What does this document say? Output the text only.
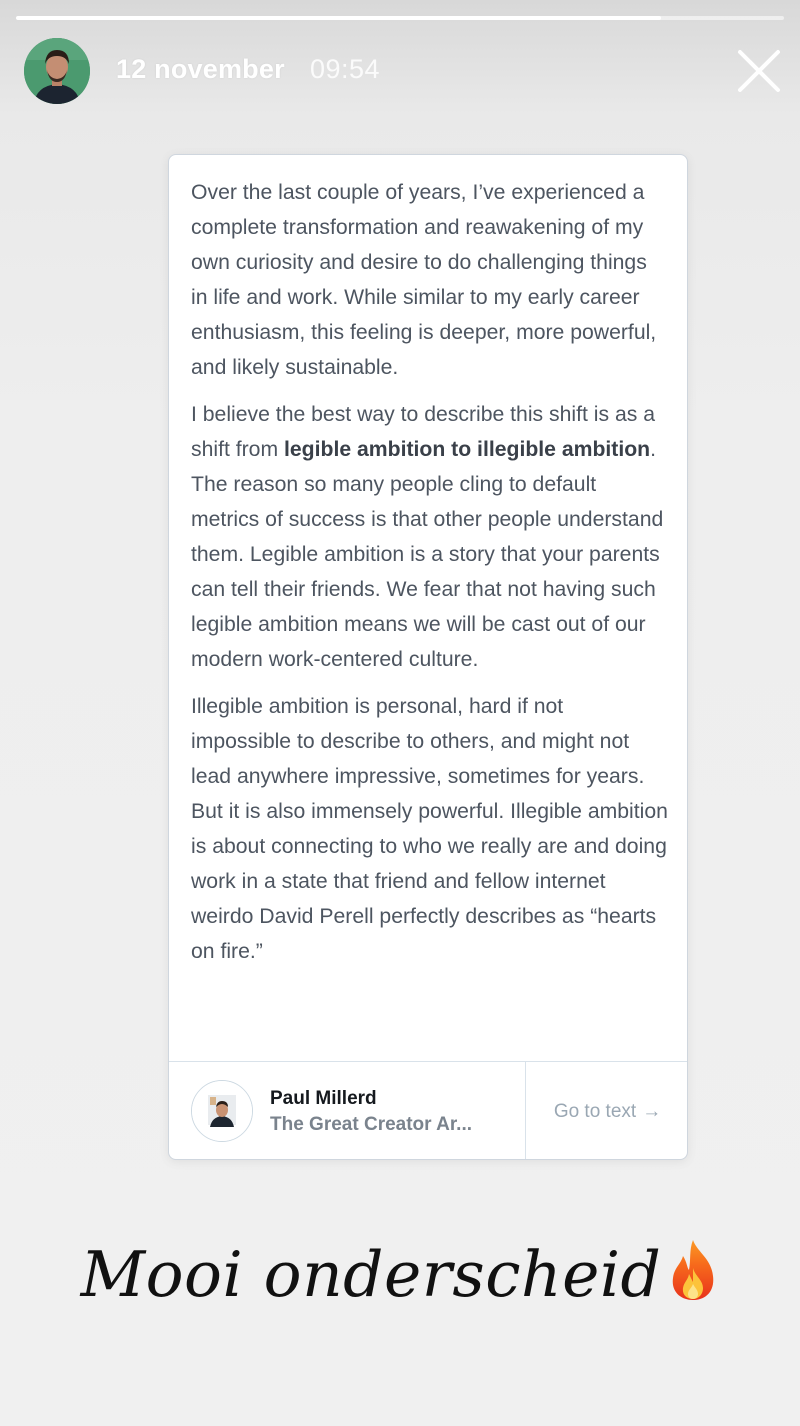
12 november 09:54

Over the last couple of years, I’ve experienced a complete transformation and reawakening of my own curiosity and desire to do challenging things in life and work. While similar to my early career enthusiasm, this feeling is deeper, more powerful, and likely sustainable.

I believe the best way to describe this shift is as a shift from legible ambition to illegible ambition. The reason so many people cling to default metrics of success is that other people understand them. Legible ambition is a story that your parents can tell their friends. We fear that not having such legible ambition means we will be cast out of our modern work-centered culture.

Illegible ambition is personal, hard if not impossible to describe to others, and might not lead anywhere impressive, sometimes for years. But it is also immensely powerful. Illegible ambition is about connecting to who we really are and doing work in a state that friend and fellow internet weirdo David Perell perfectly describes as “hearts on fire.”

Paul Millerd
The Great Creator Ar...
Go to text →
Mooi onderscheid
